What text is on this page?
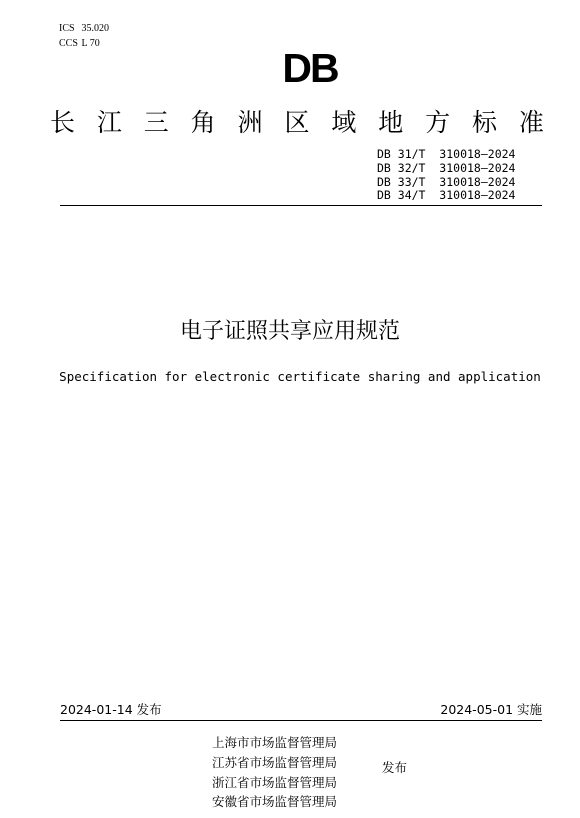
ICS 35.020
CCS L 70
DB
长 江 三 角 洲 区 域 地 方 标 准
DB 31/T  310018—2024
DB 32/T  310018—2024
DB 33/T  310018—2024
DB 34/T  310018—2024
电子证照共享应用规范
Specification for electronic certificate sharing and application
2024-01-14 发布	2024-05-01 实施
上海市市场监督管理局
江苏省市场监督管理局
浙江省市场监督管理局
安徽省市场监督管理局
发布
